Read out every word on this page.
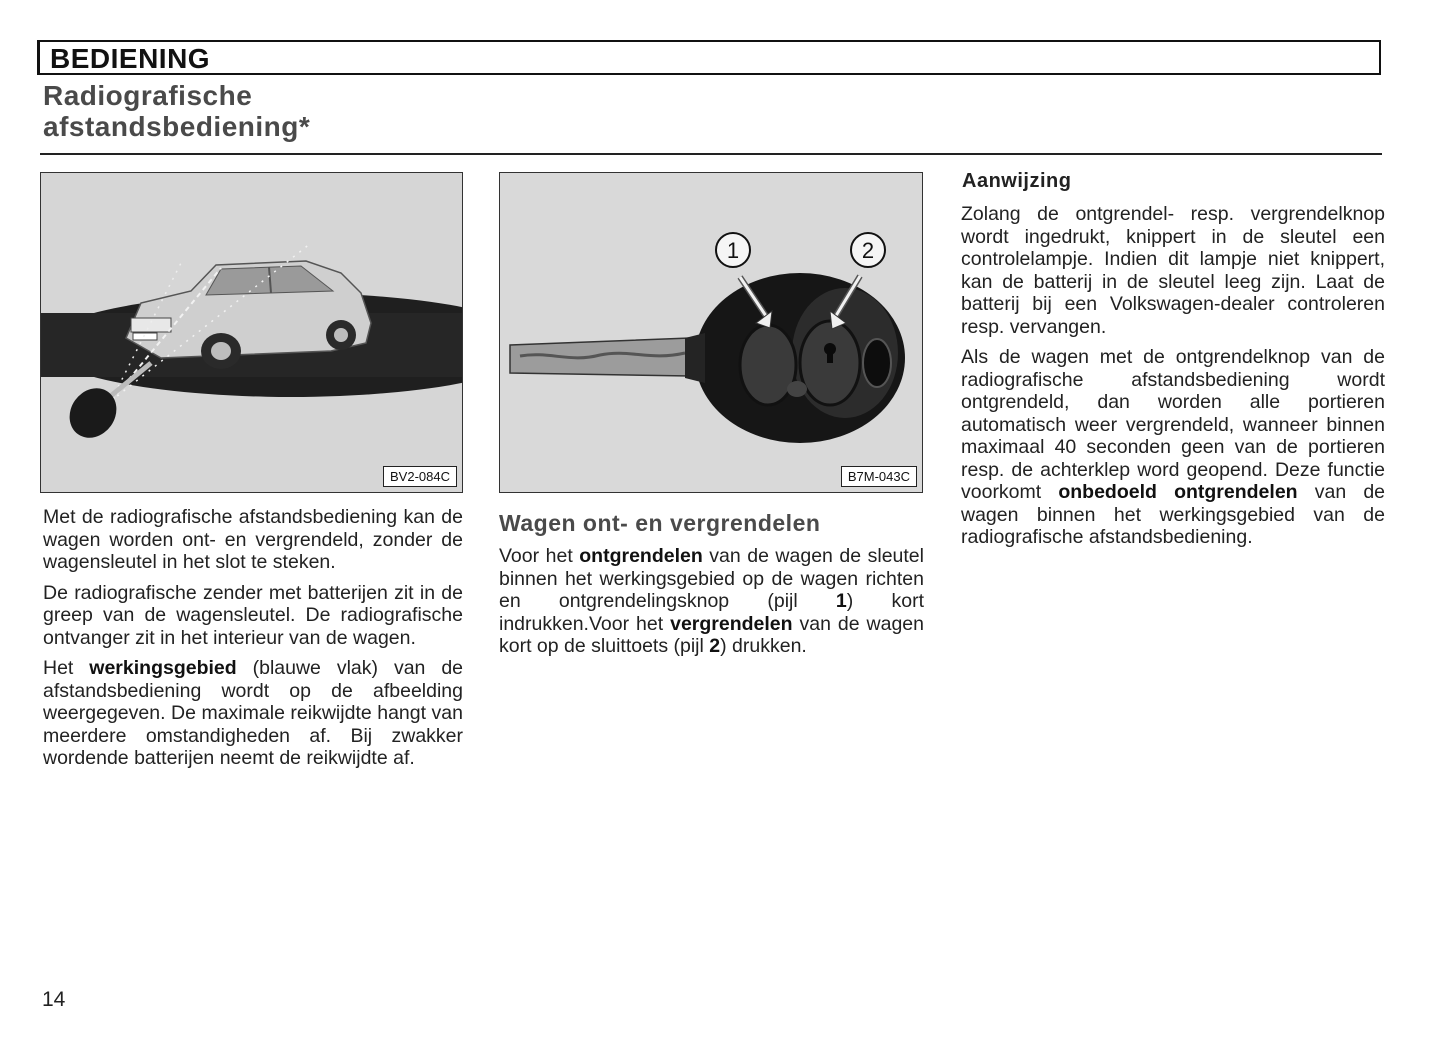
BEDIENING
Radiografische
afstandsbediening*
BV2-084C
1	2
B7M-043C

Met de radiografische afstandsbediening kan de wagen worden ont- en vergrendeld, zonder de wagensleutel in het slot te steken.

De radiografische zender met batterijen zit in de greep van de wagensleutel. De radiografische ontvanger zit in het interieur van de wagen.

Het werkingsgebied (blauwe vlak) van de afstandsbediening wordt op de afbeelding weergegeven. De maximale reikwijdte hangt van meerdere omstandigheden af. Bij zwakker wordende batterijen neemt de reikwijdte af.

Wagen ont- en vergrendelen

Voor het ontgrendelen van de wagen de sleutel binnen het werkingsgebied op de wagen richten en ontgrendelingsknop (pijl 1) kort indrukken.Voor het vergrendelen van de wagen kort op de sluittoets (pijl 2) drukken.

Aanwijzing

Zolang de ontgrendel- resp. vergrendelknop wordt ingedrukt, knippert in de sleutel een controlelampje. Indien dit lampje niet knippert, kan de batterij in de sleutel leeg zijn. Laat de batterij bij een Volkswagen-dealer controleren resp. vervangen.

Als de wagen met de ontgrendelknop van de radiografische afstandsbediening wordt ontgrendeld, dan worden alle portieren automatisch weer vergrendeld, wanneer binnen maximaal 40 seconden geen van de portieren resp. de achterklep word geopend. Deze functie voorkomt onbedoeld ontgrendelen van de wagen binnen het werkingsgebied van de radiografische afstandsbediening.

14
